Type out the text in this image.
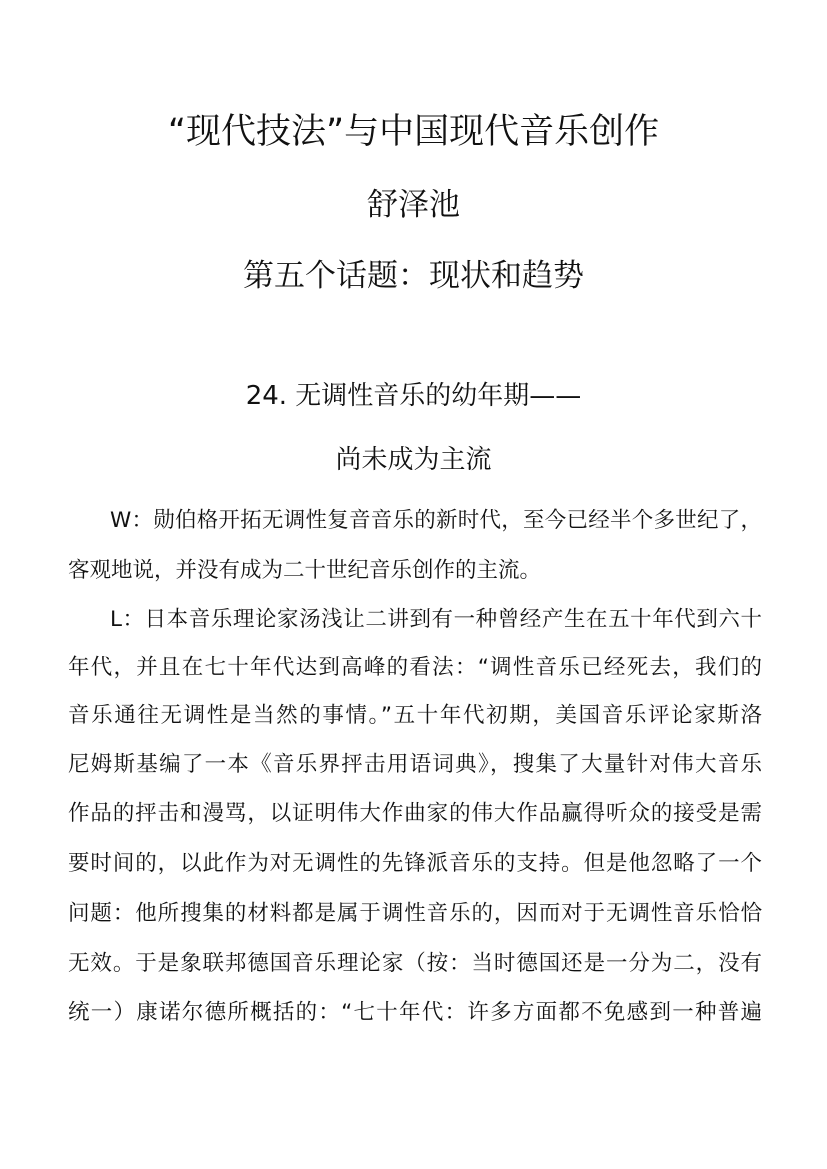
“现代技法”与中国现代音乐创作
舒泽池
第五个话题：现状和趋势
24. 无调性音乐的幼年期——
尚未成为主流
W：勋伯格开拓无调性复音音乐的新时代，至今已经半个多世纪了，
客观地说，并没有成为二十世纪音乐创作的主流。
L：日本音乐理论家汤浅让二讲到有一种曾经产生在五十年代到六十
年代，并且在七十年代达到高峰的看法：“调性音乐已经死去，我们的
音乐通往无调性是当然的事情。”五十年代初期，美国音乐评论家斯洛
尼姆斯基编了一本《音乐界抨击用语词典》，搜集了大量针对伟大音乐
作品的抨击和漫骂，以证明伟大作曲家的伟大作品赢得听众的接受是需
要时间的，以此作为对无调性的先锋派音乐的支持。但是他忽略了一个
问题：他所搜集的材料都是属于调性音乐的，因而对于无调性音乐恰恰
无效。于是象联邦德国音乐理论家（按：当时德国还是一分为二，没有
统一）康诺尔德所概括的：“七十年代：许多方面都不免感到一种普遍
